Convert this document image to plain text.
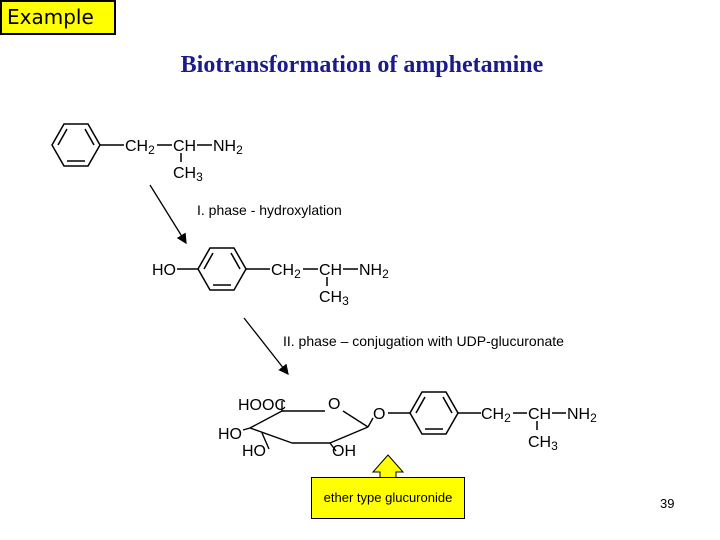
Example
Biotransformation of amphetamine
CH2 CH NH2
CH3
HO	CH2 CH NH2
CH3
HOOC	O
O
HO
HO	OH
CH2 CH NH2
CH3
I. phase - hydroxylation
II. phase – conjugation with UDP-glucuronate
ether type glucuronide	39
